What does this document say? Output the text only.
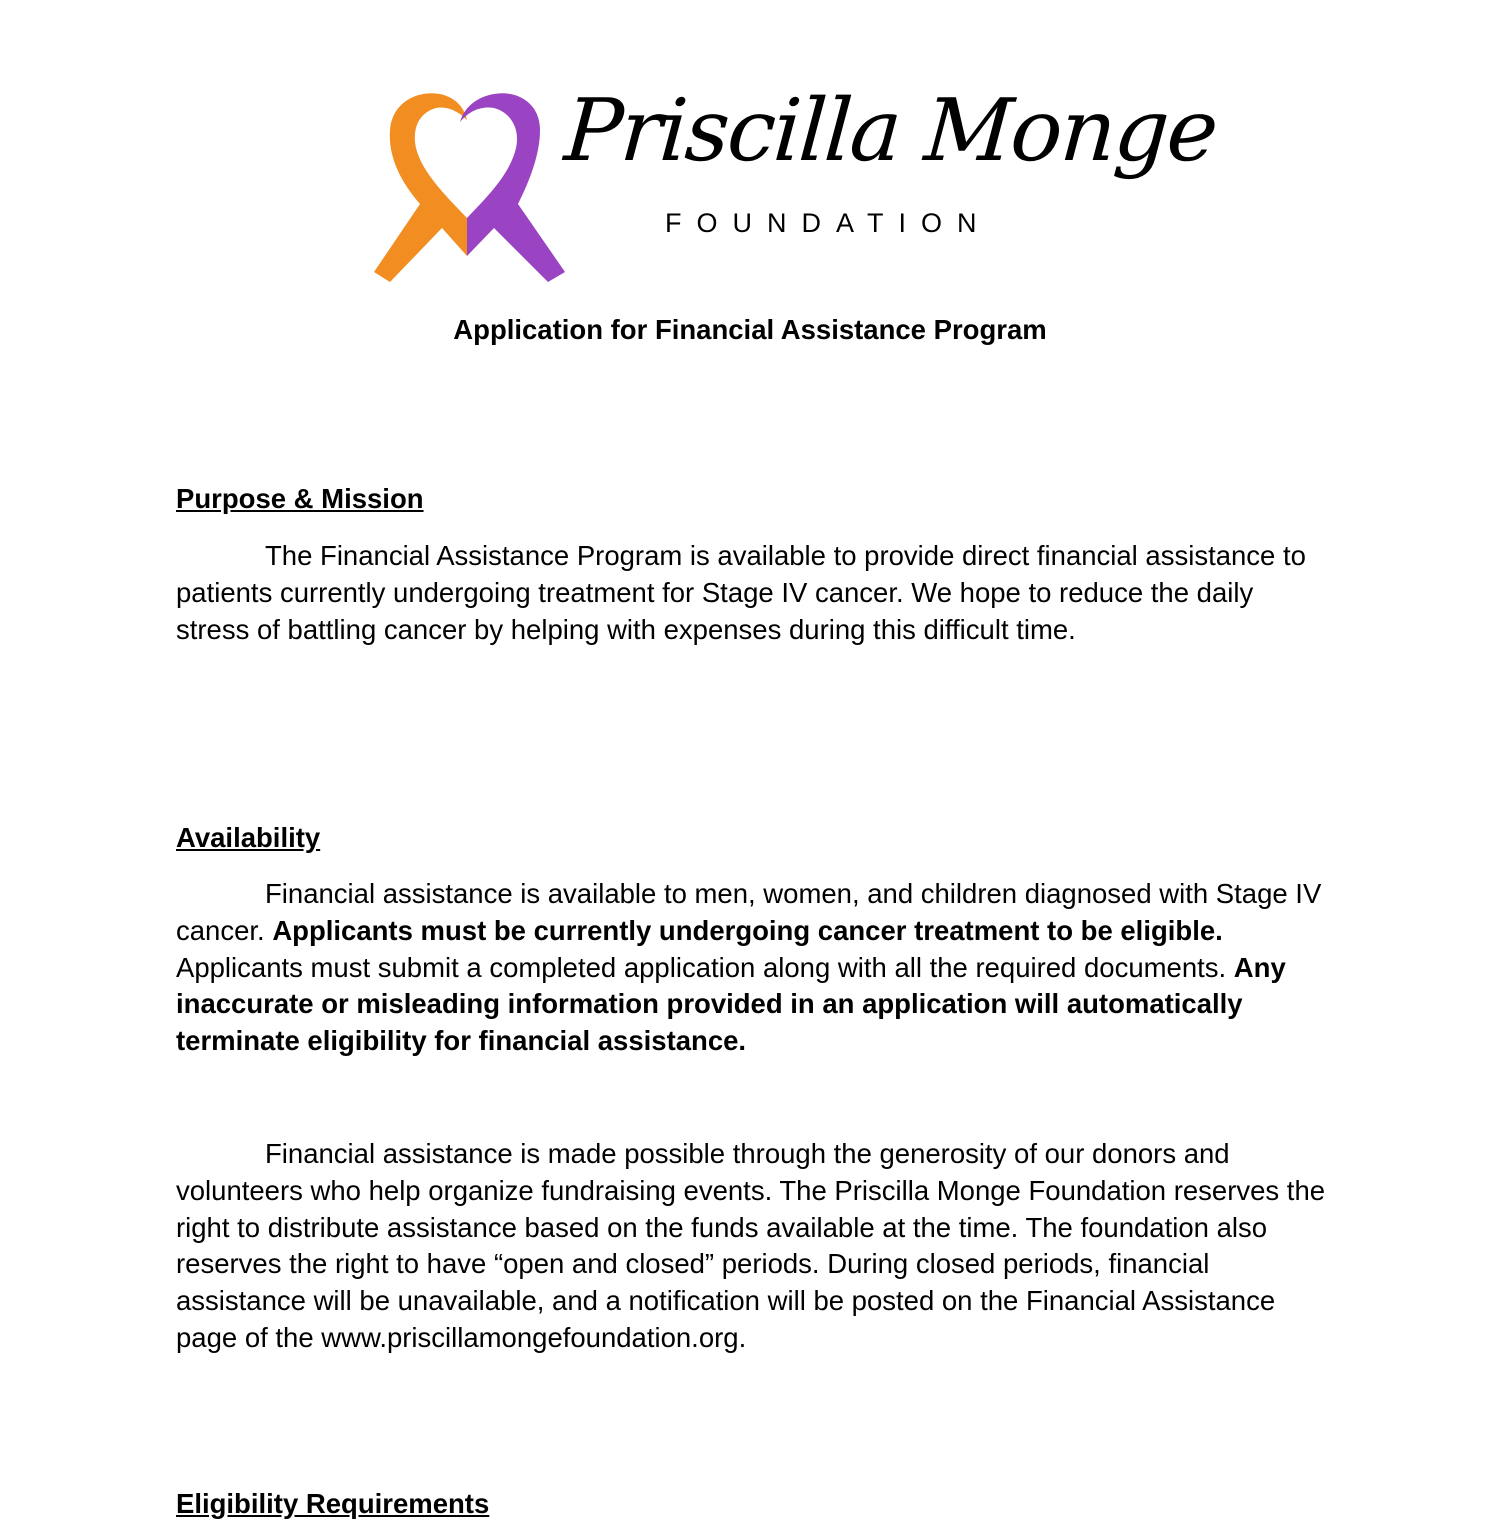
Priscilla Monge
FOUNDATION
Application for Financial Assistance Program
Purpose & Mission
The Financial Assistance Program is available to provide direct financial assistance to patients currently undergoing treatment for Stage IV cancer. We hope to reduce the daily stress of battling cancer by helping with expenses during this difficult time.
Availability
Financial assistance is available to men, women, and children diagnosed with Stage IV cancer. Applicants must be currently undergoing cancer treatment to be eligible. Applicants must submit a completed application along with all the required documents. Any inaccurate or misleading information provided in an application will automatically terminate eligibility for financial assistance.
Financial assistance is made possible through the generosity of our donors and volunteers who help organize fundraising events. The Priscilla Monge Foundation reserves the right to distribute assistance based on the funds available at the time. The foundation also reserves the right to have “open and closed” periods. During closed periods, financial assistance will be unavailable, and a notification will be posted on the Financial Assistance page of the www.priscillamongefoundation.org.
Eligibility Requirements
